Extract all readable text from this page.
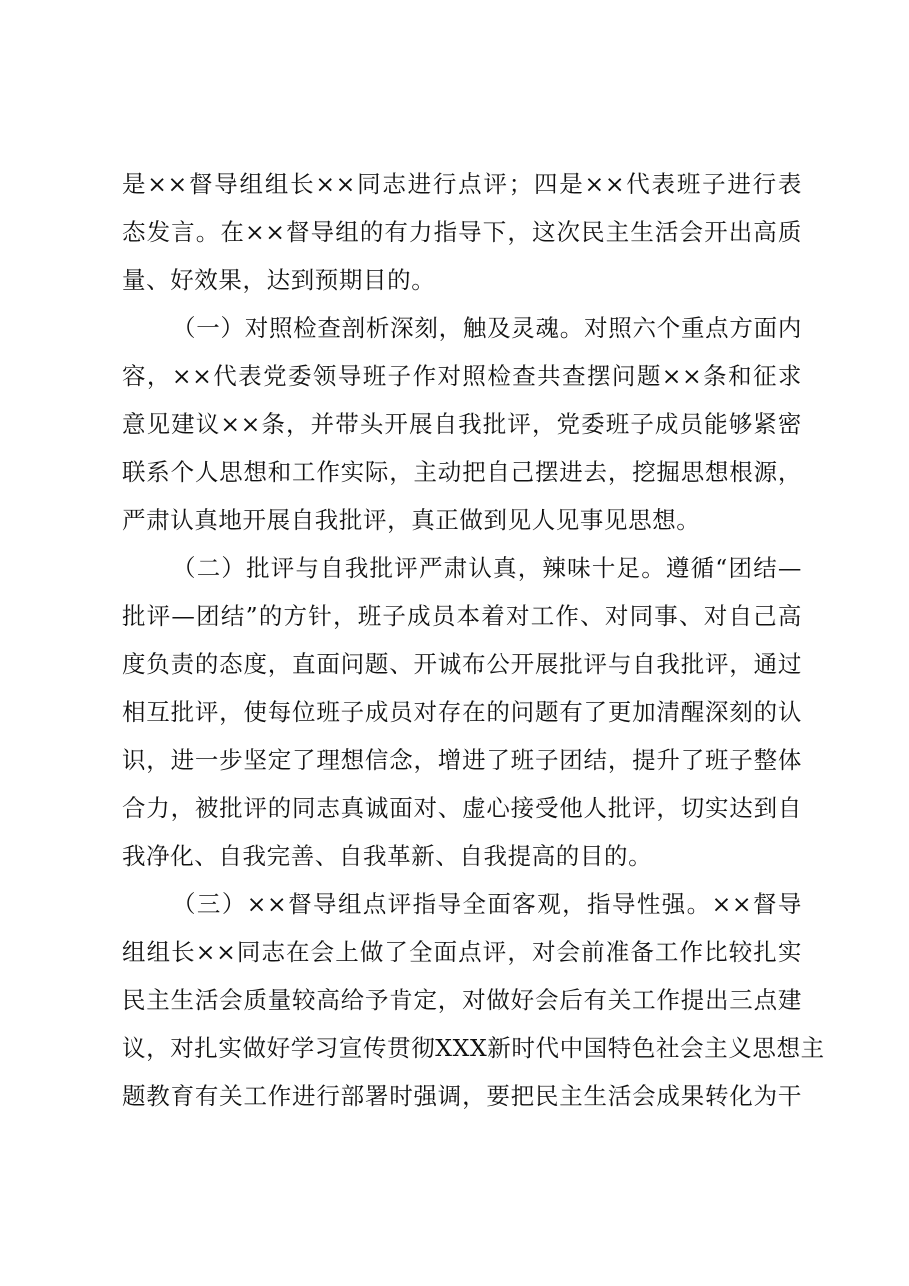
是××督导组组长××同志进行点评；四是××代表班子进行表
态发言。在××督导组的有力指导下，这次民主生活会开出高质
量、好效果，达到预期目的。
（一）对照检查剖析深刻，触及灵魂。对照六个重点方面内
容，××代表党委领导班子作对照检查共查摆问题××条和征求
意见建议××条，并带头开展自我批评，党委班子成员能够紧密
联系个人思想和工作实际，主动把自己摆进去，挖掘思想根源，
严肃认真地开展自我批评，真正做到见人见事见思想。
（二）批评与自我批评严肃认真，辣味十足。遵循“团结—
批评—团结”的方针，班子成员本着对工作、对同事、对自己高
度负责的态度，直面问题、开诚布公开展批评与自我批评，通过
相互批评，使每位班子成员对存在的问题有了更加清醒深刻的认
识，进一步坚定了理想信念，增进了班子团结，提升了班子整体
合力，被批评的同志真诚面对、虚心接受他人批评，切实达到自
我净化、自我完善、自我革新、自我提高的目的。
（三）××督导组点评指导全面客观，指导性强。××督导
组组长××同志在会上做了全面点评，对会前准备工作比较扎实
民主生活会质量较高给予肯定，对做好会后有关工作提出三点建
议，对扎实做好学习宣传贯彻XXX新时代中国特色社会主义思想主
题教育有关工作进行部署时强调，要把民主生活会成果转化为干
